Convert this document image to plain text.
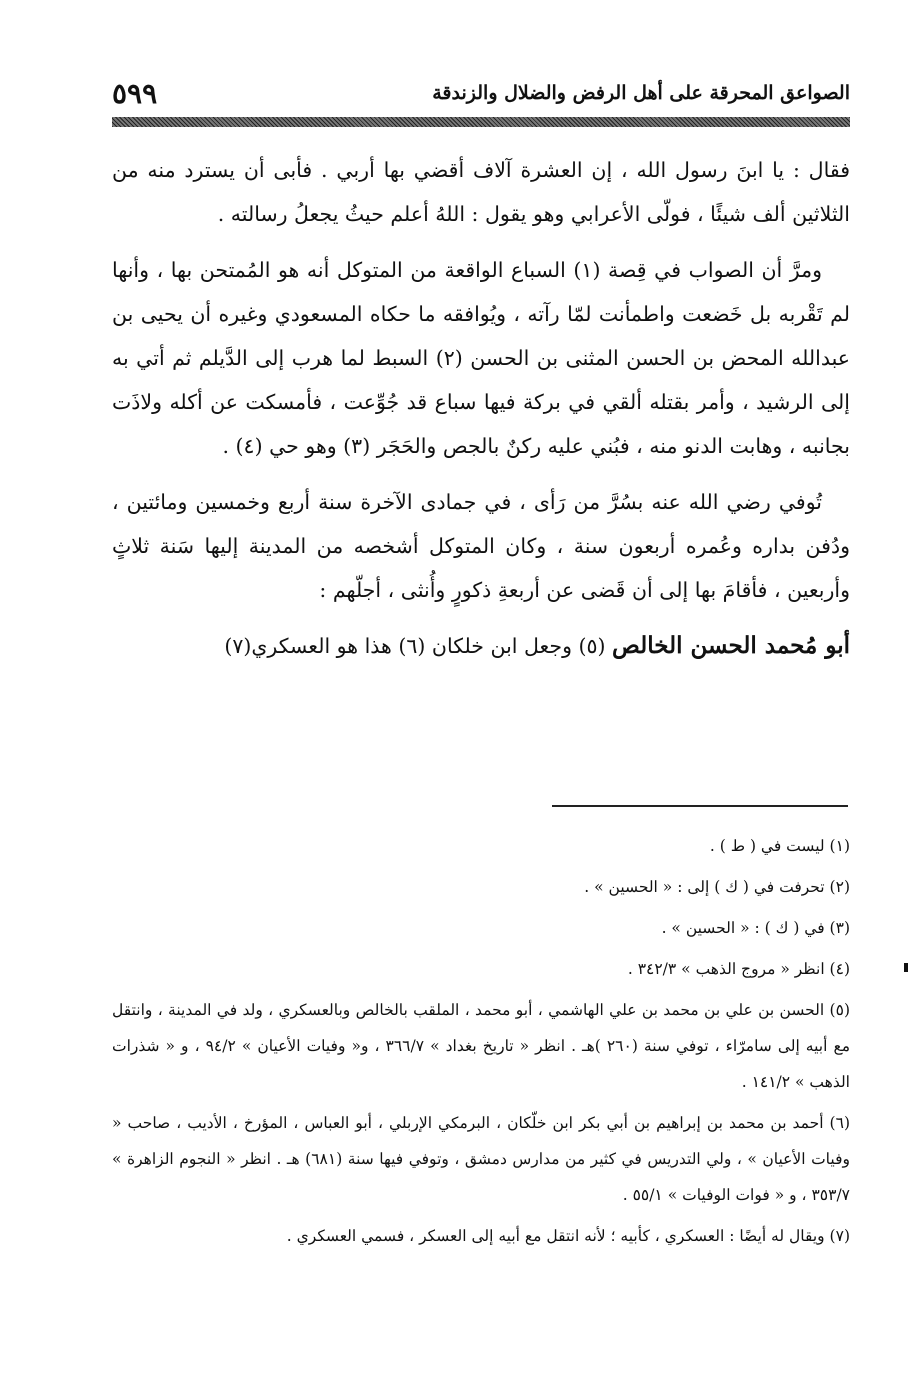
٥٩٩	الصواعق المحرقة على أهل الرفض والضلال والزندقة

فقال : يا ابنَ رسول الله ، إن العشرة آلاف أقضي بها أربي . فأبى أن يسترد منه من الثلاثين ألف شيئًا ، فولّى الأعرابي وهو يقول : اللهُ أعلم حيثُ يجعلُ رسالته .

ومرَّ أن الصواب في قِصة (١) السباع الواقعة من المتوكل أنه هو المُمتحن بها ، وأنها لم تَقْربه بل خَضعت واطمأنت لمّا رآته ، ويُوافقه ما حكاه المسعودي وغيره أن يحيى بن عبدالله المحض بن الحسن المثنى بن الحسن (٢) السبط لما هرب إلى الدَّيلم ثم أتي به إلى الرشيد ، وأمر بقتله ألقي في بركة فيها سباع قد جُوِّعت ، فأمسكت عن أكله ولاذَت بجانبه ، وهابت الدنو منه ، فبُني عليه ركنٌ بالجص والحَجَر (٣) وهو حي (٤) .

تُوفي رضي الله عنه بسُرَّ من رَأى ، في جمادى الآخرة سنة أربع وخمسين ومائتين ، ودُفن بداره وعُمره أربعون سنة ، وكان المتوكل أشخصه من المدينة إليها سَنة ثلاثٍ وأربعين ، فأقامَ بها إلى أن قَضى عن أربعةِ ذكورٍ وأُنثى ، أجلّهم :

أبو مُحمد الحسن الخالص (٥) وجعل ابن خلكان (٦) هذا هو العسكري(٧)

(١) ليست في ( ط ) .

(٢) تحرفت في ( ك ) إلى : « الحسين » .

(٣) في ( ك ) : « الحسين » .

(٤) انظر « مروج الذهب » ٣٤٢/٣ .

(٥) الحسن بن علي بن محمد بن علي الهاشمي ، أبو محمد ، الملقب بالخالص وبالعسكري ، ولد في المدينة ، وانتقل مع أبيه إلى سامرّاء ، توفي سنة (٢٦٠ )هـ . انظر « تاريخ بغداد » ٣٦٦/٧ ، و« وفيات الأعيان » ٩٤/٢ ، و « شذرات الذهب » ١٤١/٢ .

(٦) أحمد بن محمد بن إبراهيم بن أبي بكر ابن خلّكان ، البرمكي الإربلي ، أبو العباس ، المؤرخ ، الأديب ، صاحب « وفيات الأعيان » ، ولي التدريس في كثير من مدارس دمشق ، وتوفي فيها سنة (٦٨١) هـ . انظر « النجوم الزاهرة » ٣٥٣/٧ ، و « فوات الوفيات » ٥٥/١ .

(٧) ويقال له أيضًا : العسكري ، كأبيه ؛ لأنه انتقل مع أبيه إلى العسكر ، فسمي العسكري .
